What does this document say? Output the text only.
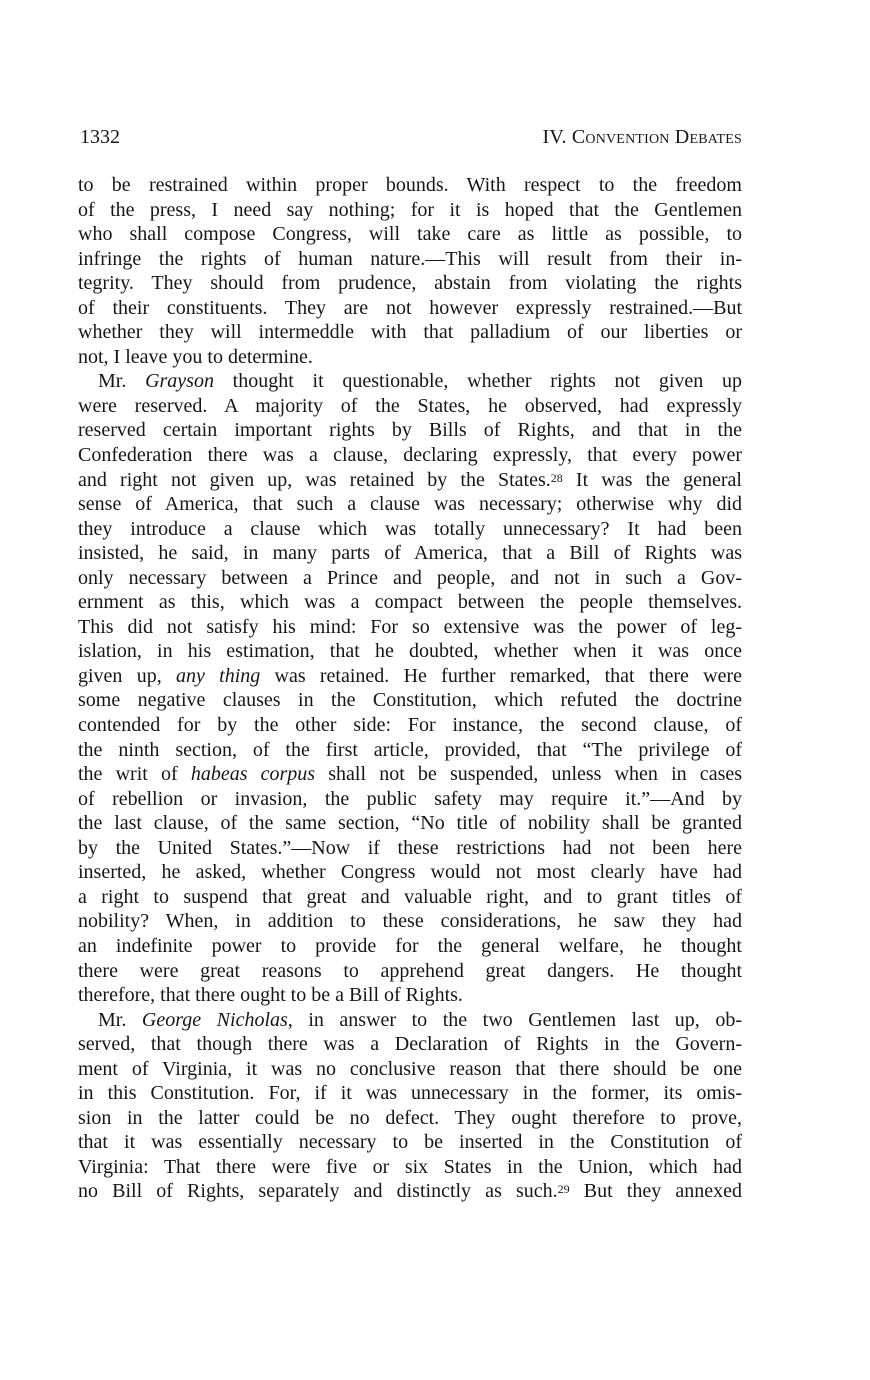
1332	IV. Convention Debates
to be restrained within proper bounds. With respect to the freedom
of the press, I need say nothing; for it is hoped that the Gentlemen
who shall compose Congress, will take care as little as possible, to
infringe the rights of human nature.—This will result from their in-
tegrity. They should from prudence, abstain from violating the rights
of their constituents. They are not however expressly restrained.—But
whether they will intermeddle with that palladium of our liberties or
not, I leave you to determine.
Mr. Grayson thought it questionable, whether rights not given up
were reserved. A majority of the States, he observed, had expressly
reserved certain important rights by Bills of Rights, and that in the
Confederation there was a clause, declaring expressly, that every power
and right not given up, was retained by the States.$^{28}$ It was the general
sense of America, that such a clause was necessary; otherwise why did
they introduce a clause which was totally unnecessary? It had been
insisted, he said, in many parts of America, that a Bill of Rights was
only necessary between a Prince and people, and not in such a Gov-
ernment as this, which was a compact between the people themselves.
This did not satisfy his mind: For so extensive was the power of leg-
islation, in his estimation, that he doubted, whether when it was once
given up, any thing was retained. He further remarked, that there were
some negative clauses in the Constitution, which refuted the doctrine
contended for by the other side: For instance, the second clause, of
the ninth section, of the first article, provided, that “The privilege of
the writ of habeas corpus shall not be suspended, unless when in cases
of rebellion or invasion, the public safety may require it.”—And by
the last clause, of the same section, “No title of nobility shall be granted
by the United States.”—Now if these restrictions had not been here
inserted, he asked, whether Congress would not most clearly have had
a right to suspend that great and valuable right, and to grant titles of
nobility? When, in addition to these considerations, he saw they had
an indefinite power to provide for the general welfare, he thought
there were great reasons to apprehend great dangers. He thought
therefore, that there ought to be a Bill of Rights.
Mr. George Nicholas, in answer to the two Gentlemen last up, ob-
served, that though there was a Declaration of Rights in the Govern-
ment of Virginia, it was no conclusive reason that there should be one
in this Constitution. For, if it was unnecessary in the former, its omis-
sion in the latter could be no defect. They ought therefore to prove,
that it was essentially necessary to be inserted in the Constitution of
Virginia: That there were five or six States in the Union, which had
no Bill of Rights, separately and distinctly as such.$^{29}$ But they annexed
